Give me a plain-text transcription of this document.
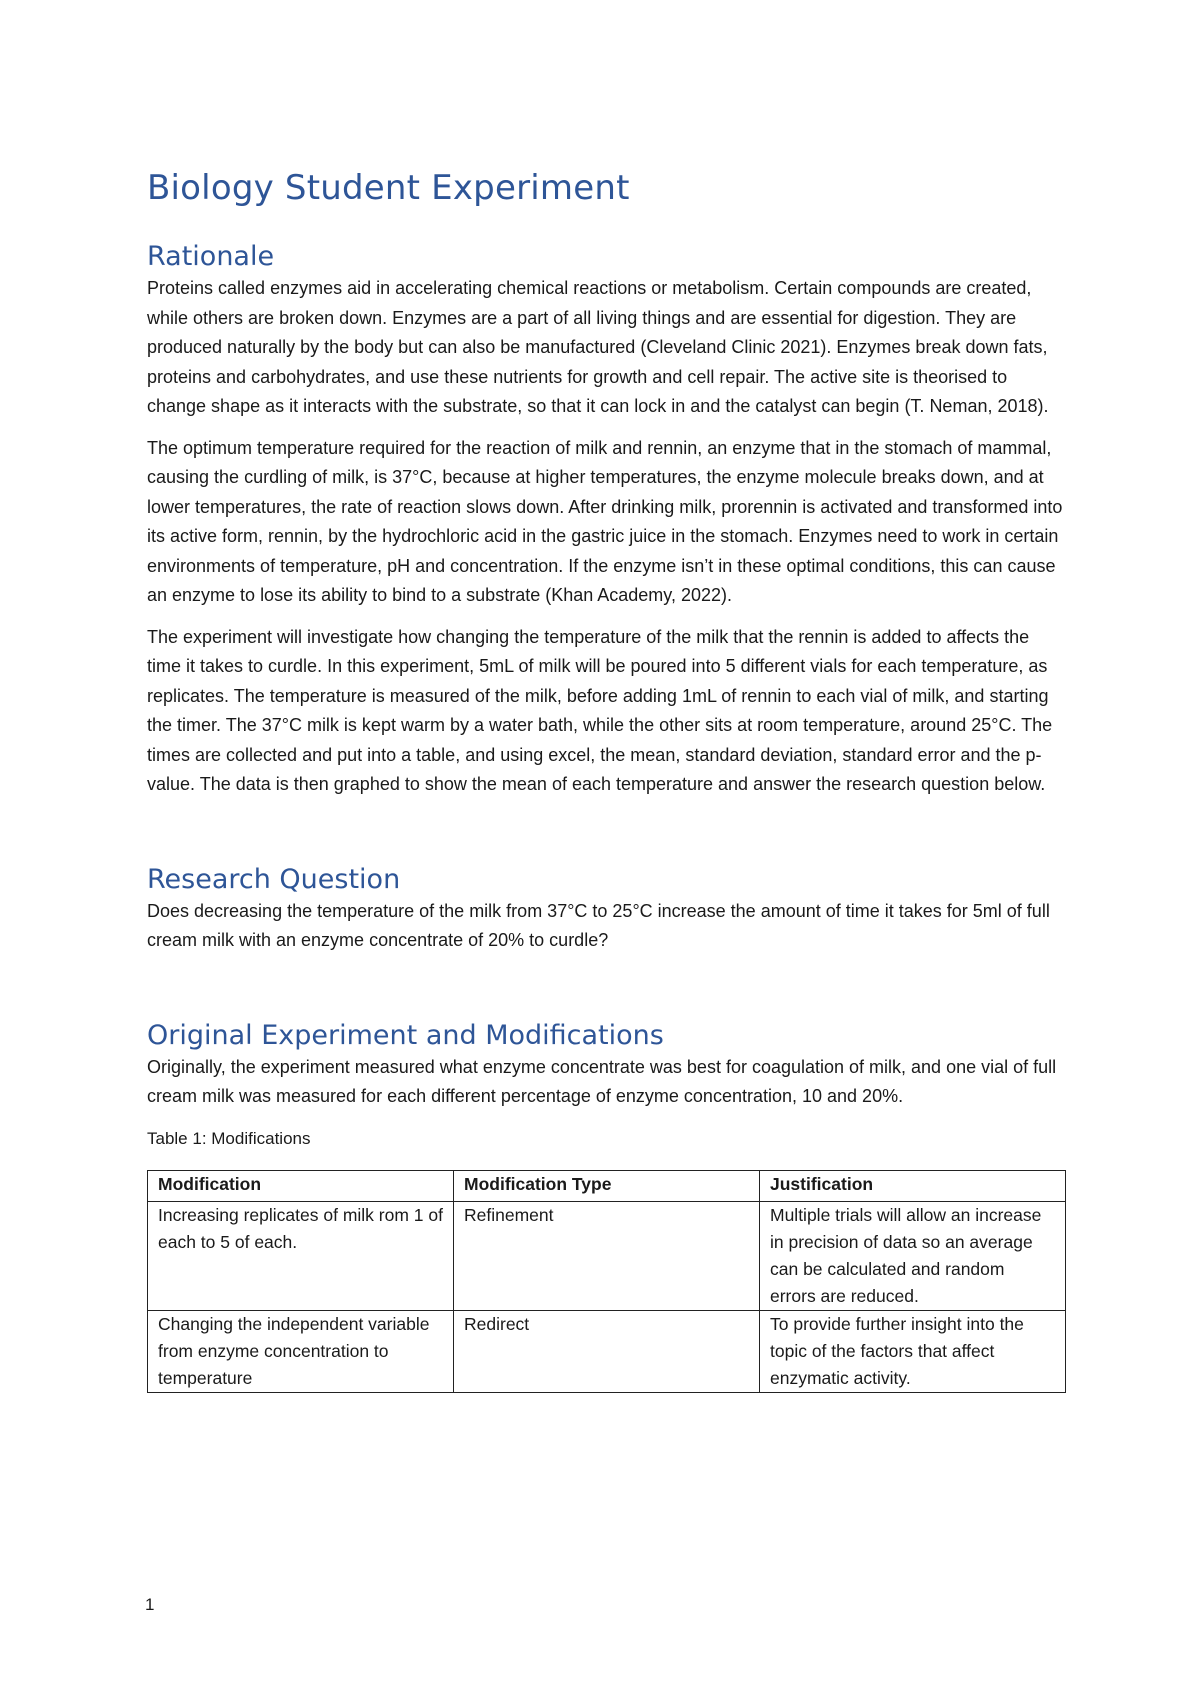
Biology Student Experiment
Rationale

Proteins called enzymes aid in accelerating chemical reactions or metabolism. Certain compounds are created, while others are broken down. Enzymes are a part of all living things and are essential for digestion. They are produced naturally by the body but can also be manufactured (Cleveland Clinic 2021). Enzymes break down fats, proteins and carbohydrates, and use these nutrients for growth and cell repair. The active site is theorised to change shape as it interacts with the substrate, so that it can lock in and the catalyst can begin (T. Neman, 2018).

The optimum temperature required for the reaction of milk and rennin, an enzyme that in the stomach of mammal, causing the curdling of milk, is 37°C, because at higher temperatures, the enzyme molecule breaks down, and at lower temperatures, the rate of reaction slows down. After drinking milk, prorennin is activated and transformed into its active form, rennin, by the hydrochloric acid in the gastric juice in the stomach. Enzymes need to work in certain environments of temperature, pH and concentration. If the enzyme isn’t in these optimal conditions, this can cause an enzyme to lose its ability to bind to a substrate (Khan Academy, 2022).

The experiment will investigate how changing the temperature of the milk that the rennin is added to affects the time it takes to curdle. In this experiment, 5mL of milk will be poured into 5 different vials for each temperature, as replicates. The temperature is measured of the milk, before adding 1mL of rennin to each vial of milk, and starting the timer. The 37°C milk is kept warm by a water bath, while the other sits at room temperature, around 25°C. The times are collected and put into a table, and using excel, the mean, standard deviation, standard error and the p-value. The data is then graphed to show the mean of each temperature and answer the research question below.

Research Question

Does decreasing the temperature of the milk from 37°C to 25°C increase the amount of time it takes for 5ml of full cream milk with an enzyme concentrate of 20% to curdle?

Original Experiment and Modifications

Originally, the experiment measured what enzyme concentrate was best for coagulation of milk, and one vial of full cream milk was measured for each different percentage of enzyme concentration, 10 and 20%.

Table 1: Modifications

Modification	Modification Type	Justification
Increasing replicates of milk rom 1 of each to 5 of each.	Refinement	Multiple trials will allow an increase in precision of data so an average can be calculated and random errors are reduced.
Changing the independent variable from enzyme concentration to temperature	Redirect	To provide further insight into the topic of the factors that affect enzymatic activity.
1
